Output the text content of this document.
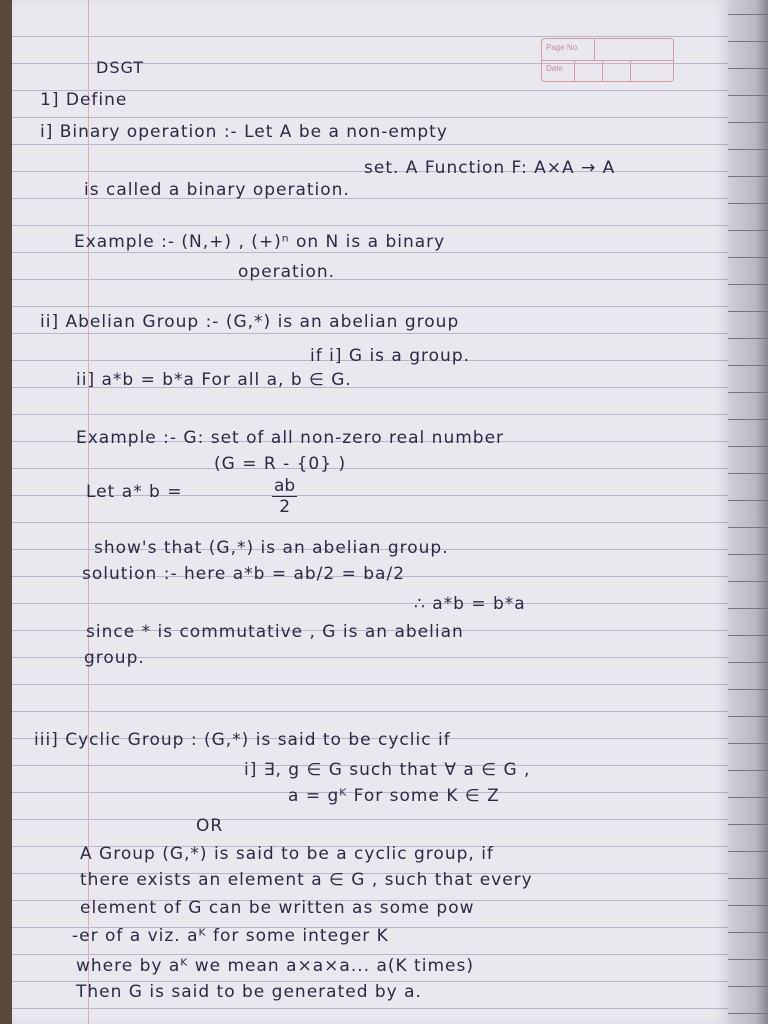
Page No.
Date
DSGT
1] Define
i] Binary operation :- Let A be a non-empty
set. A Function F: A×A → A
is called a binary operation.
Example :- (N,+) , (+)ⁿ on N is a binary
operation.
ii] Abelian Group :- (G,*) is an abelian group
if i] G is a group.
ii] a*b = b*a For all a, b ∈ G.
Example :- G: set of all non-zero real number
(G = R - {0} )
Let a* b =	$\frac{ab}{2}$
show's that (G,*) is an abelian group.
solution :- here a*b = ab/2 = ba/2
∴ a*b = b*a
since * is commutative , G is an abelian
group.
iii] Cyclic Group : (G,*) is said to be cyclic if
i] ∃, g ∈ G such that ∀ a ∈ G ,
a = gᴷ For some K ∈ Z
OR
A Group (G,*) is said to be a cyclic group, if
there exists an element a ∈ G , such that every
element of G can be written as some pow
-er of a viz. aᴷ for some integer K
where by aᴷ we mean a×a×a... a(K times)
Then G is said to be generated by a.
